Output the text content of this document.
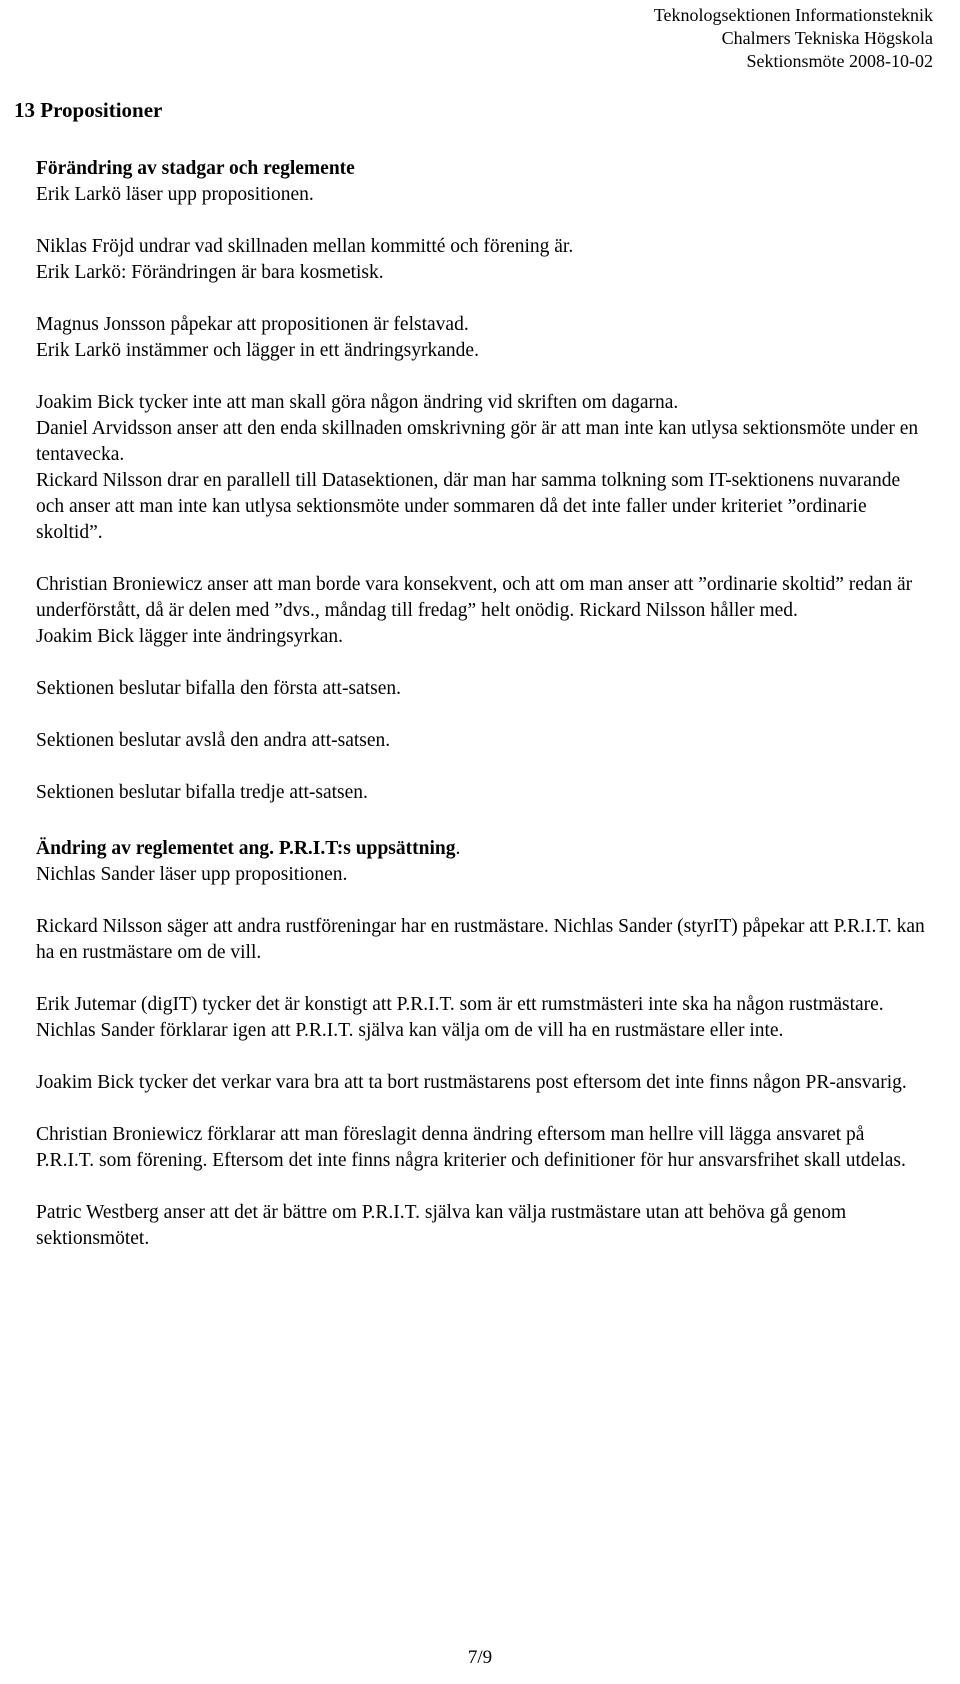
Teknologsektionen Informationsteknik
Chalmers Tekniska Högskola
Sektionsmöte 2008-10-02
13 Propositioner

Förändring av stadgar och reglemente

Erik Larkö läser upp propositionen.

Niklas Fröjd undrar vad skillnaden mellan kommitté och förening är.

Erik Larkö: Förändringen är bara kosmetisk.

Magnus Jonsson påpekar att propositionen är felstavad.

Erik Larkö instämmer och lägger in ett ändringsyrkande.

Joakim Bick tycker inte att man skall göra någon ändring vid skriften om dagarna.

Daniel Arvidsson anser att den enda skillnaden omskrivning gör är att man inte kan utlysa sektionsmöte under en tentavecka.

Rickard Nilsson drar en parallell till Datasektionen, där man har samma tolkning som IT-sektionens nuvarande och anser att man inte kan utlysa sektionsmöte under sommaren då det inte faller under kriteriet ”ordinarie skoltid”.

Christian Broniewicz anser att man borde vara konsekvent, och att om man anser att ”ordinarie skoltid” redan är underförstått, då är delen med ”dvs., måndag till fredag” helt onödig. Rickard Nilsson håller med.

Joakim Bick lägger inte ändringsyrkan.

Sektionen beslutar bifalla den första att-satsen.

Sektionen beslutar avslå den andra att-satsen.

Sektionen beslutar bifalla tredje att-satsen.

Ändring av reglementet ang. P.R.I.T:s uppsättning.

Nichlas Sander läser upp propositionen.

Rickard Nilsson säger att andra rustföreningar har en rustmästare. Nichlas Sander (styrIT) påpekar att P.R.I.T. kan ha en rustmästare om de vill.

Erik Jutemar (digIT) tycker det är konstigt att P.R.I.T. som är ett rumstmästeri inte ska ha någon rustmästare. Nichlas Sander förklarar igen att P.R.I.T. själva kan välja om de vill ha en rustmästare eller inte.

Joakim Bick tycker det verkar vara bra att ta bort rustmästarens post eftersom det inte finns någon PR-ansvarig.

Christian Broniewicz förklarar att man föreslagit denna ändring eftersom man hellre vill lägga ansvaret på P.R.I.T. som förening. Eftersom det inte finns några kriterier och definitioner för hur ansvarsfrihet skall utdelas.

Patric Westberg anser att det är bättre om P.R.I.T. själva kan välja rustmästare utan att behöva gå genom sektionsmötet.

7/9
